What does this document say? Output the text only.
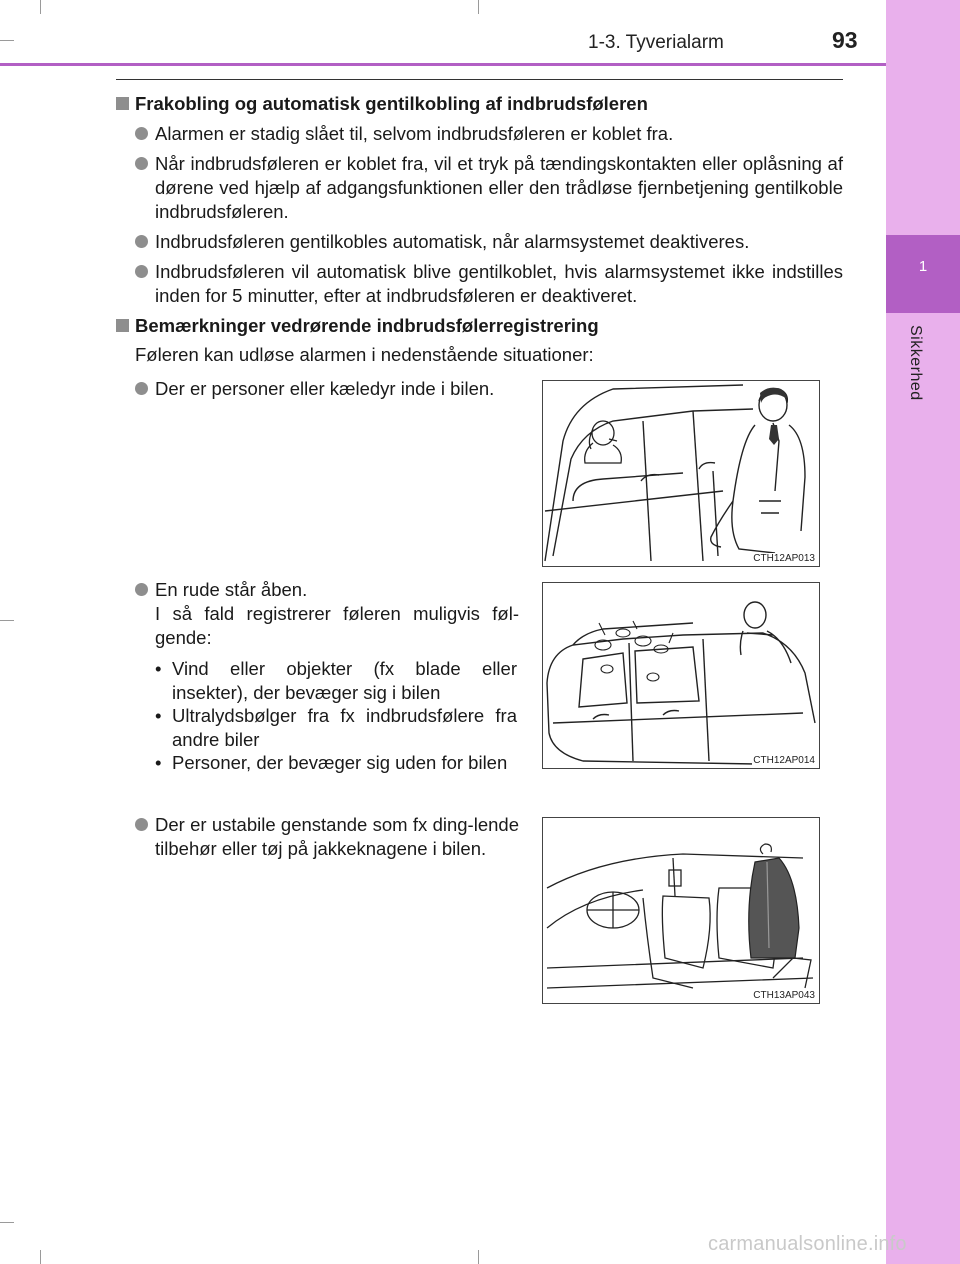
1
Sikkerhed
1-3. Tyverialarm	93
Frakobling og automatisk gentilkobling af indbrudsføleren
Alarmen er stadig slået til, selvom indbrudsføleren er koblet fra.
Når indbrudsføleren er koblet fra, vil et tryk på tændingskontakten eller oplåsning af dørene ved hjælp af adgangsfunktionen eller den trådløse fjernbetjening gentilkoble indbrudsføleren.
Indbrudsføleren gentilkobles automatisk, når alarmsystemet deaktiveres.
Indbrudsføleren vil automatisk blive gentilkoblet, hvis alarmsystemet ikke indstilles inden for 5 minutter, efter at indbrudsføleren er deaktiveret.
Bemærkninger vedrørende indbrudsfølerregistrering
Føleren kan udløse alarmen i nedenstående situationer:
Der er personer eller kæledyr inde i bilen.
CTH12AP013
En rude står åben.
I så fald registrerer føleren muligvis føl-gende:
• Vind eller objekter (fx blade eller insekter), der bevæger sig i bilen
• Ultralydsbølger fra fx indbrudsfølere fra andre biler
• Personer, der bevæger sig uden for bilen	CTH12AP014
Der er ustabile genstande som fx ding-lende tilbehør eller tøj på jakkeknagene i bilen.
CTH13AP043
carmanualsonline.info
